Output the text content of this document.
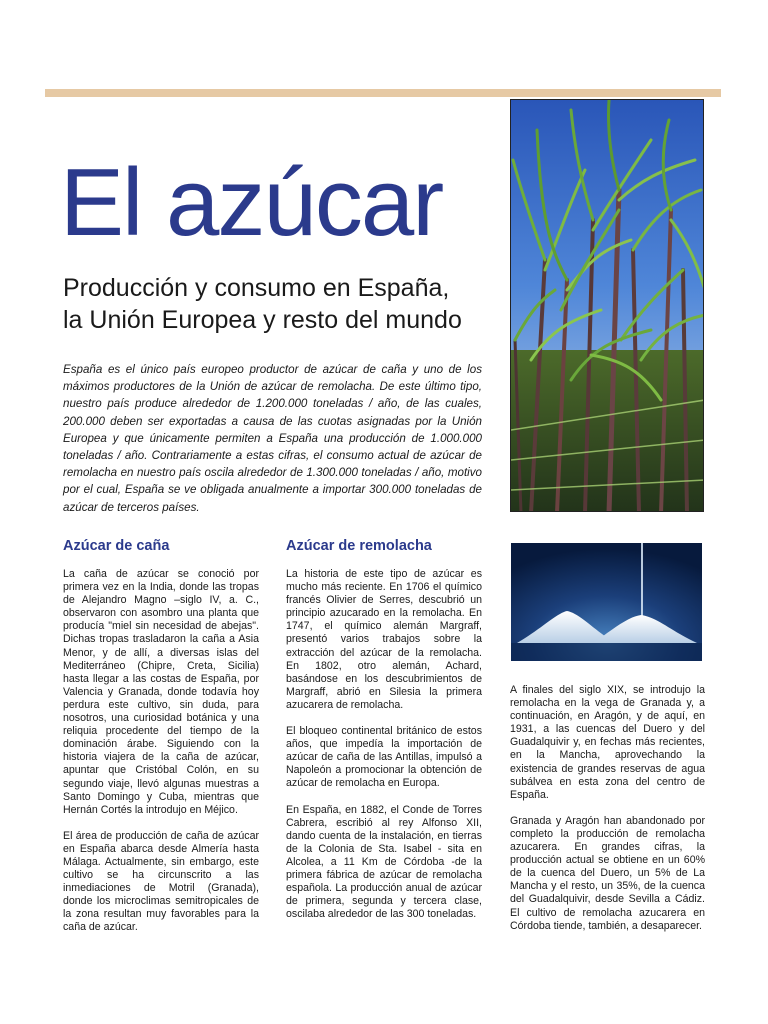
El azúcar
Producción y consumo en España,
la Unión Europea y resto del mundo

España es el único país europeo productor de azúcar de caña y uno de los máximos productores de la Unión de azúcar de remolacha. De este último tipo, nuestro país produce alrededor de 1.200.000 toneladas / año, de las cuales, 200.000 deben ser exportadas a causa de las cuotas asignadas por la Unión Europea y que únicamente permiten a España una producción de 1.000.000 toneladas / año. Contrariamente a estas cifras, el consumo actual de azúcar de remolacha en nuestro país oscila alrededor de 1.300.000 toneladas / año, motivo por el cual, España se ve obligada anualmente a importar 300.000 toneladas de azúcar de terceros países.

Azúcar de caña

La caña de azúcar se conoció por primera vez en la India, donde las tropas de Alejandro Magno –siglo IV, a. C., observaron con asombro una planta que producía "miel sin necesidad de abejas". Dichas tropas trasladaron la caña a Asia Menor, y de allí, a diversas islas del Mediterráneo (Chipre, Creta, Sicilia) hasta llegar a las costas de España, por Valencia y Granada, donde todavía hoy perdura este cultivo, sin duda, para nosotros, una curiosidad botánica y una reliquia procedente del tiempo de la dominación árabe. Siguiendo con la historia viajera de la caña de azúcar, apuntar que Cristóbal Colón, en su segundo viaje, llevó algunas muestras a Santo Domingo y Cuba, mientras que Hernán Cortés la introdujo en Méjico.

El área de producción de caña de azúcar en España abarca desde Almería hasta Málaga. Actualmente, sin embargo, este cultivo se ha circunscrito a las inmediaciones de Motril (Granada), donde los microclimas semitropicales de la zona resultan muy favorables para la caña de azúcar.

Azúcar de remolacha

La historia de este tipo de azúcar es mucho más reciente. En 1706 el químico francés Olivier de Serres, descubrió un principio azucarado en la remolacha. En 1747, el químico alemán Margraff, presentó varios trabajos sobre la extracción del azúcar de la remolacha. En 1802, otro alemán, Achard, basándose en los descubrimientos de Margraff, abrió en Silesia la primera azucarera de remolacha.

El bloqueo continental británico de estos años, que impedía la importación de azúcar de caña de las Antillas, impulsó a Napoleón a promocionar la obtención de azúcar de remolacha en Europa.

En España, en 1882, el Conde de Torres Cabrera, escribió al rey Alfonso XII, dando cuenta de la instalación, en tierras de la Colonia de Sta. Isabel - sita en Alcolea, a 11 Km de Córdoba -de la primera fábrica de azúcar de remolacha española. La producción anual de azúcar de primera, segunda y tercera clase, oscilaba alrededor de las 300 toneladas.

A finales del siglo XIX, se introdujo la remolacha en la vega de Granada y, a continuación, en Aragón, y de aquí, en 1931, a las cuencas del Duero y del Guadalquivir y, en fechas más recientes, en la Mancha, aprovechando la existencia de grandes reservas de agua subálvea en esta zona del centro de España.

Granada y Aragón han abandonado por completo la producción de remolacha azucarera. En grandes cifras, la producción actual se obtiene en un 60% de la cuenca del Duero, un 5% de La Mancha y el resto, un 35%, de la cuenca del Guadalquivir, desde Sevilla a Cádiz. El cultivo de remolacha azucarera en Córdoba tiende, también, a desaparecer.
